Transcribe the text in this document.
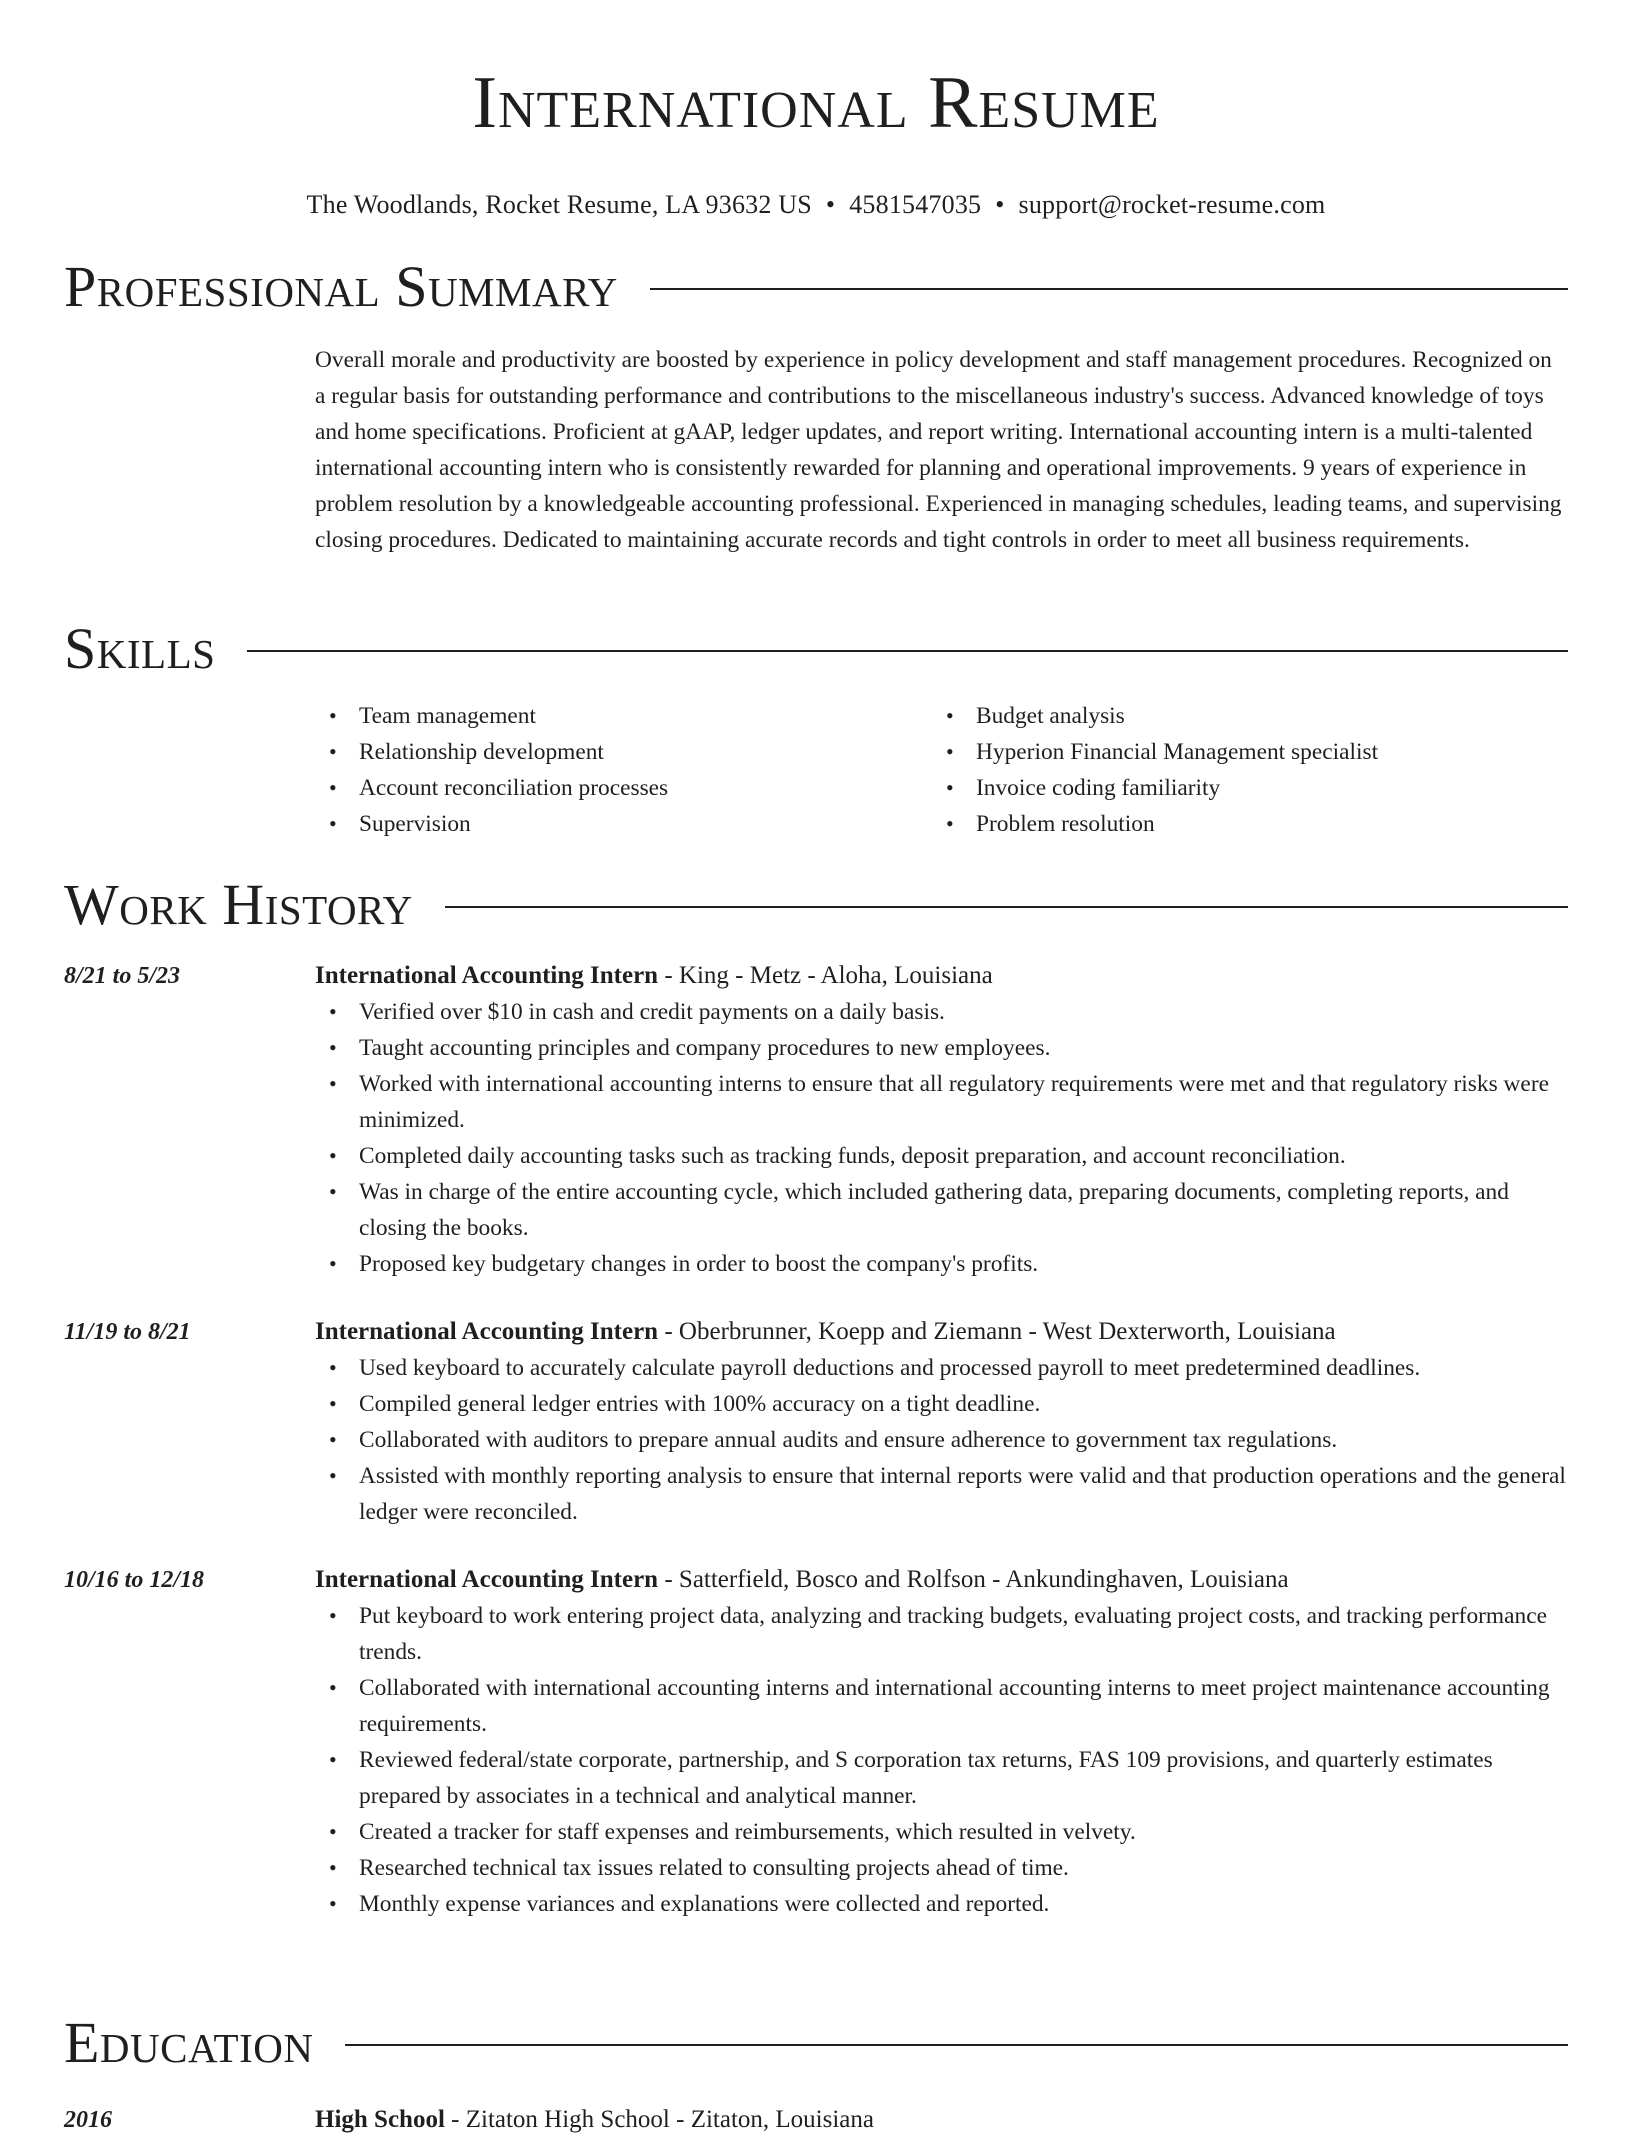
International Resume
The Woodlands, Rocket Resume, LA 93632 US • 4581547035 • support@rocket-resume.com
Professional Summary
Overall morale and productivity are boosted by experience in policy development and staff management procedures. Recognized on a regular basis for outstanding performance and contributions to the miscellaneous industry's success. Advanced knowledge of toys and home specifications. Proficient at gAAP, ledger updates, and report writing. International accounting intern is a multi-talented international accounting intern who is consistently rewarded for planning and operational improvements. 9 years of experience in problem resolution by a knowledgeable accounting professional. Experienced in managing schedules, leading teams, and supervising closing procedures. Dedicated to maintaining accurate records and tight controls in order to meet all business requirements.
Skills
• Team management
• Relationship development
• Account reconciliation processes
• Supervision
• Budget analysis
• Hyperion Financial Management specialist
• Invoice coding familiarity
• Problem resolution
Work History
8/21 to 5/23	International Accounting Intern - King - Metz - Aloha, Louisiana
• Verified over $10 in cash and credit payments on a daily basis.
• Taught accounting principles and company procedures to new employees.
• Worked with international accounting interns to ensure that all regulatory requirements were met and that regulatory risks were minimized.
• Completed daily accounting tasks such as tracking funds, deposit preparation, and account reconciliation.
• Was in charge of the entire accounting cycle, which included gathering data, preparing documents, completing reports, and closing the books.
• Proposed key budgetary changes in order to boost the company's profits.
11/19 to 8/21	International Accounting Intern - Oberbrunner, Koepp and Ziemann - West Dexterworth, Louisiana
• Used keyboard to accurately calculate payroll deductions and processed payroll to meet predetermined deadlines.
• Compiled general ledger entries with 100% accuracy on a tight deadline.
• Collaborated with auditors to prepare annual audits and ensure adherence to government tax regulations.
• Assisted with monthly reporting analysis to ensure that internal reports were valid and that production operations and the general ledger were reconciled.
10/16 to 12/18	International Accounting Intern - Satterfield, Bosco and Rolfson - Ankundinghaven, Louisiana
• Put keyboard to work entering project data, analyzing and tracking budgets, evaluating project costs, and tracking performance trends.
• Collaborated with international accounting interns and international accounting interns to meet project maintenance accounting requirements.
• Reviewed federal/state corporate, partnership, and S corporation tax returns, FAS 109 provisions, and quarterly estimates prepared by associates in a technical and analytical manner.
• Created a tracker for staff expenses and reimbursements, which resulted in velvety.
• Researched technical tax issues related to consulting projects ahead of time.
• Monthly expense variances and explanations were collected and reported.
Education
2016	High School - Zitaton High School - Zitaton, Louisiana
